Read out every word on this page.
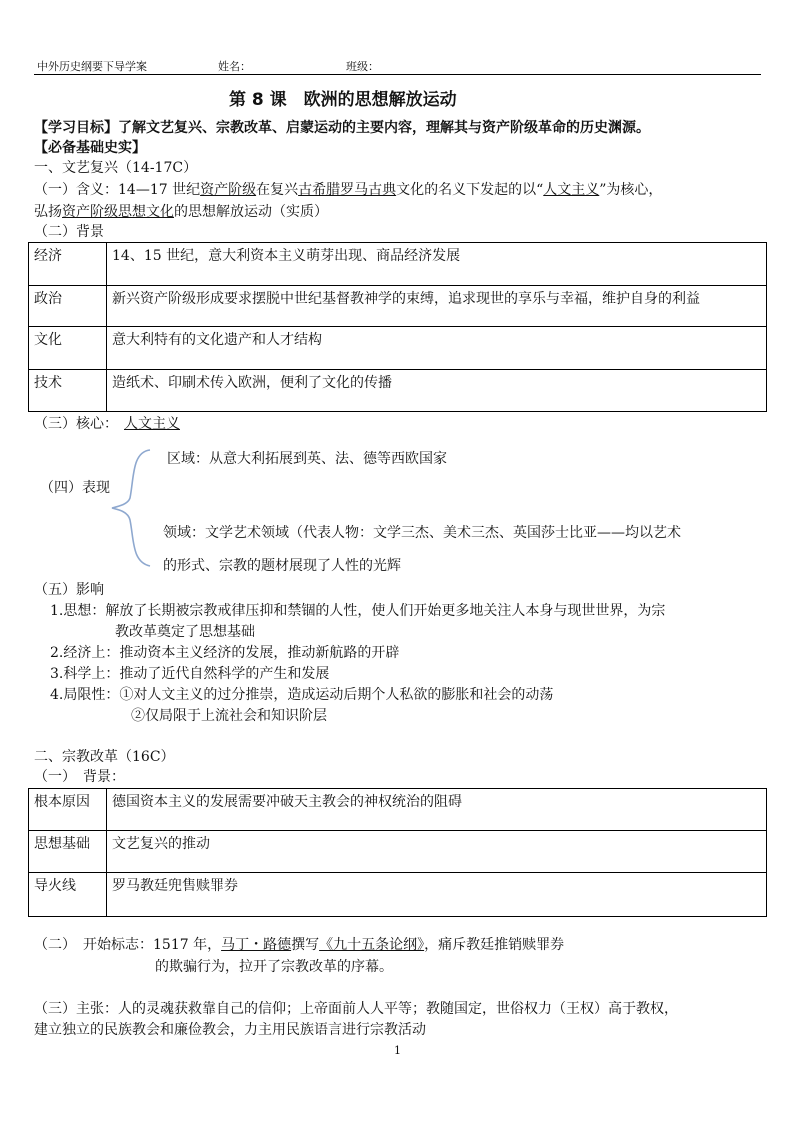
中外历史纲要下导学案	姓名：	班级：
第 8 课　欧洲的思想解放运动
【学习目标】了解文艺复兴、宗教改革、启蒙运动的主要内容，理解其与资产阶级革命的历史渊源。
【必备基础史实】
一、文艺复兴（14-17C）
（一）含义：14—17 世纪资产阶级在复兴古希腊罗马古典文化的名义下发起的以“人文主义”为核心，
弘扬资产阶级思想文化的思想解放运动（实质）
（二）背景
经济	14、15 世纪，意大利资本主义萌芽出现、商品经济发展
政治	新兴资产阶级形成要求摆脱中世纪基督教神学的束缚，追求现世的享乐与幸福，维护自身的利益
文化	意大利特有的文化遗产和人才结构
技术	造纸术、印刷术传入欧洲，便利了文化的传播
（三）核心： 人文主义
（四）表现
区域：从意大利拓展到英、法、德等西欧国家
领域：文学艺术领域（代表人物：文学三杰、美术三杰、英国莎士比亚——均以艺术
的形式、宗教的题材展现了人性的光辉
（五）影响
1.思想：解放了长期被宗教戒律压抑和禁锢的人性，使人们开始更多地关注人本身与现世世界，为宗
教改革奠定了思想基础
2.经济上：推动资本主义经济的发展，推动新航路的开辟
3.科学上：推动了近代自然科学的产生和发展
4.局限性：①对人文主义的过分推崇，造成运动后期个人私欲的膨胀和社会的动荡
②仅局限于上流社会和知识阶层
二、宗教改革（16C）
（一）　背景：
根本原因	德国资本主义的发展需要冲破天主教会的神权统治的阻碍
思想基础	文艺复兴的推动
导火线	罗马教廷兜售赎罪券
（二）　开始标志：1517 年，马丁・路德撰写《九十五条论纲》，痛斥教廷推销赎罪券
的欺骗行为，拉开了宗教改革的序幕。
（三）主张：人的灵魂获救靠自己的信仰；上帝面前人人平等；教随国定，世俗权力（王权）高于教权，
建立独立的民族教会和廉俭教会，力主用民族语言进行宗教活动
1
